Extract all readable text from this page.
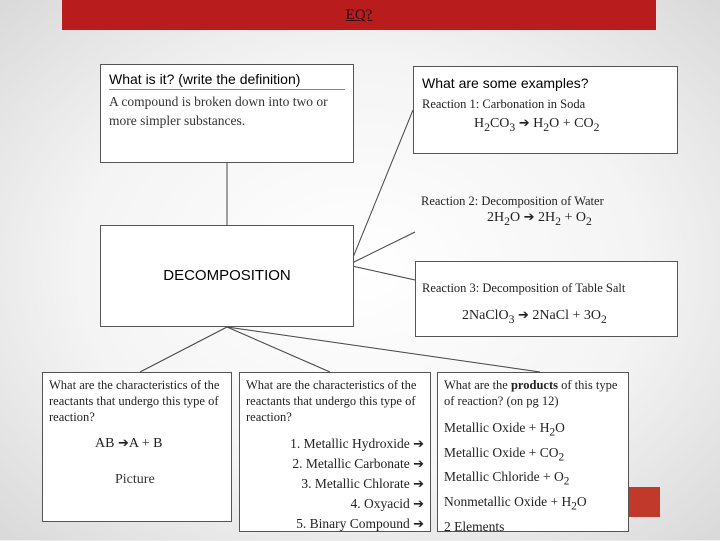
EQ?
What is it? (write the definition)
A compound is broken down into two or more simpler substances.
What are some examples?
Reaction 1: Carbonation in Soda
$H_2CO_3$ ➔ $H_2O + CO_2$
Reaction 2: Decomposition of Water
$2H_2O$ ➔ $2H_2 + O_2$
DECOMPOSITION
Reaction 3: Decomposition of Table Salt
2NaClO$_3$ ➔ 2NaCl + $3O_2$
What are the characteristics of the reactants that undergo this type of reaction?
AB ➔A + B
Picture
What are the characteristics of the reactants that undergo this type of reaction?
1. Metallic Hydroxide ➔
2. Metallic Carbonate ➔
3. Metallic Chlorate ➔
4. Oxyacid ➔
5. Binary Compound ➔
What are the products of this type of reaction? (on pg 12)
Metallic Oxide + $H_2O$
Metallic Oxide + $CO_2$
Metallic Chloride + $O_2$
Nonmetallic Oxide + $H_2O$
2 Elements
